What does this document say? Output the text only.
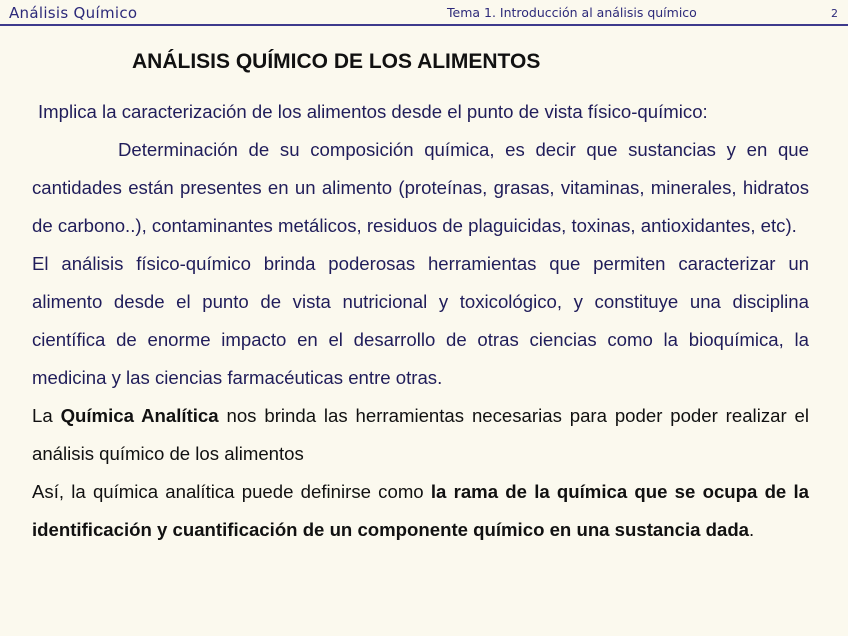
Análisis Químico	Tema 1. Introducción al análisis químico	2
ANÁLISIS QUÍMICO DE LOS ALIMENTOS

Implica la caracterización de los alimentos desde el punto de vista físico-químico:

Determinación de su composición química, es decir que sustancias y en que cantidades están presentes en un alimento (proteínas, grasas, vitaminas, minerales, hidratos de carbono..), contaminantes metálicos, residuos de plaguicidas, toxinas, antioxidantes, etc).

El análisis físico-químico brinda poderosas herramientas que permiten caracterizar un alimento desde el punto de vista nutricional y toxicológico, y constituye una disciplina científica de enorme impacto en el desarrollo de otras ciencias como la bioquímica, la medicina y las ciencias farmacéuticas entre otras.

La Química Analítica nos brinda las herramientas necesarias para poder poder realizar el análisis químico de los alimentos

Así, la química analítica puede definirse como la rama de la química que se ocupa de la identificación y cuantificación de un componente químico en una sustancia dada.
